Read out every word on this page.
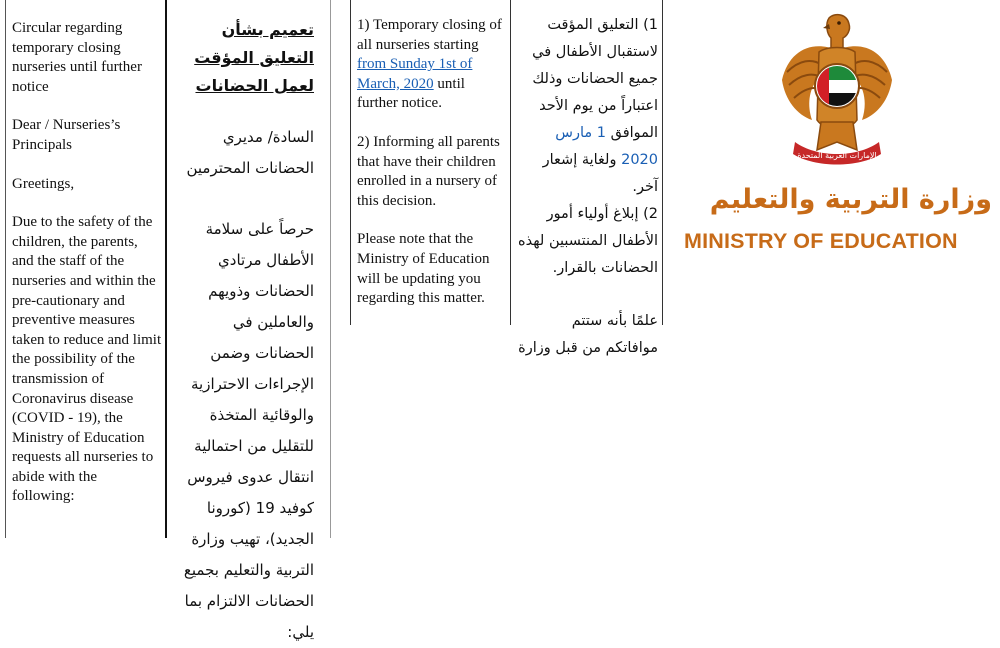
Circular regarding temporary closing nurseries until further notice

Dear / Nurseries’s Principals

Greetings,

Due to the safety of the children, the parents, and the staff of the nurseries and within the pre-cautionary and preventive measures taken to reduce and limit the possibility of the transmission of Coronavirus disease (COVID - 19), the Ministry of Education requests all nurseries to abide with the following:

تعميم بشأن التعليق المؤقت لعمل الحضانات

السادة/ مديري الحضانات المحترمين

حرصاً على سلامة الأطفال مرتادي الحضانات وذويهم والعاملين في الحضانات وضمن الإجراءات الاحترازية والوقائية المتخذة للتقليل من احتمالية انتقال عدوى فيروس كوفيد 19 (كورونا الجديد)، تهيب وزارة التربية والتعليم بجميع الحضانات الالتزام بما يلي:

1) Temporary closing of all nurseries starting from Sunday 1st of March, 2020 until further notice.

2) Informing all parents that have their children enrolled in a nursery of this decision.

Please note that the Ministry of Education will be updating you regarding this matter.

1) التعليق المؤقت لاستقبال الأطفال في جميع الحضانات وذلك اعتباراً من يوم الأحد الموافق 1 مارس 2020 ولغاية إشعار آخر.

2) إبلاغ أولياء أمور الأطفال المنتسبين لهذه الحضانات بالقرار.

علمًا بأنه ستتم موافاتكم من قبل وزارة

الإمارات العربية المتحدة
وزارة التربية والتعليم
MINISTRY OF EDUCATION
